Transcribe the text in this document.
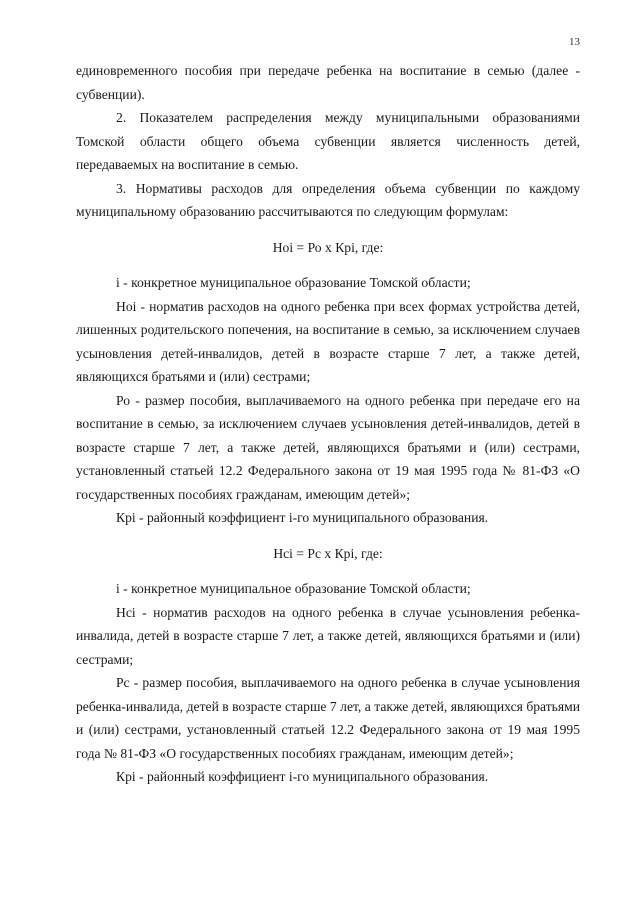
13

единовременного пособия при передаче ребенка на воспитание в семью (далее - субвенции).

2. Показателем распределения между муниципальными образованиями Томской области общего объема субвенции является численность детей, передаваемых на воспитание в семью.

3. Нормативы расходов для определения объема субвенции по каждому муниципальному образованию рассчитываются по следующим формулам:

Ноi = Ро х Крi, где:

i - конкретное муниципальное образование Томской области;

Ноi - норматив расходов на одного ребенка при всех формах устройства детей, лишенных родительского попечения, на воспитание в семью, за исключением случаев усыновления детей-инвалидов, детей в возрасте старше 7 лет, а также детей, являющихся братьями и (или) сестрами;

Ро - размер пособия, выплачиваемого на одного ребенка при передаче его на воспитание в семью, за исключением случаев усыновления детей-инвалидов, детей в возрасте старше 7 лет, а также детей, являющихся братьями и (или) сестрами, установленный статьей 12.2 Федерального закона от 19 мая 1995 года № 81-ФЗ «О государственных пособиях гражданам, имеющим детей»;

Крi - районный коэффициент i-го муниципального образования.

Нсi = Рс х Крi, где:

i - конкретное муниципальное образование Томской области;

Нсi - норматив расходов на одного ребенка в случае усыновления ребенка-инвалида, детей в возрасте старше 7 лет, а также детей, являющихся братьями и (или) сестрами;

Рс - размер пособия, выплачиваемого на одного ребенка в случае усыновления ребенка-инвалида, детей в возрасте старше 7 лет, а также детей, являющихся братьями и (или) сестрами, установленный статьей 12.2 Федерального закона от 19 мая 1995 года № 81-ФЗ «О государственных пособиях гражданам, имеющим детей»;

Крi - районный коэффициент i-го муниципального образования.
